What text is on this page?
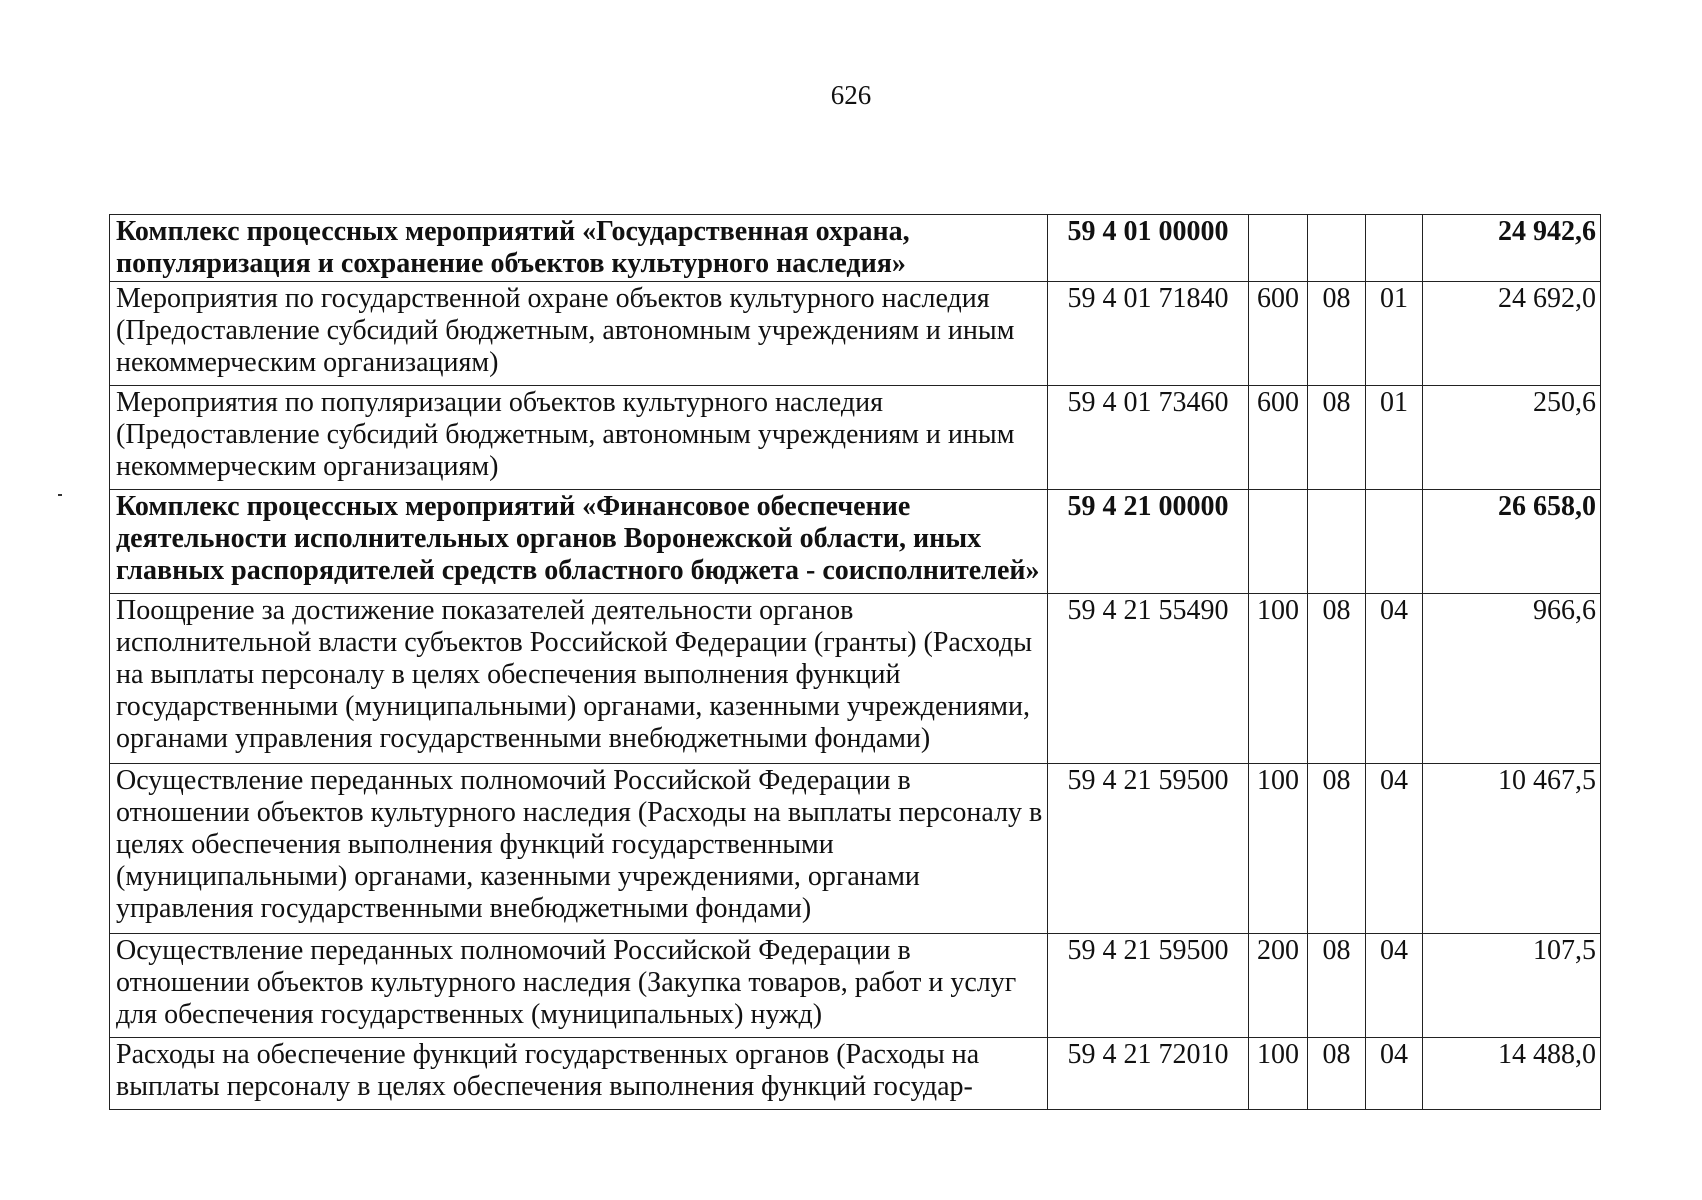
626
Комплекс процессных мероприятий «Государственная охрана, популяризация и сохранение объектов культурного наследия»	59 4 01 00000				24 942,6
Мероприятия по государственной охране объектов культурного наследия (Предоставление субсидий бюджетным, автономным учреждениям и иным некоммерческим организациям)	59 4 01 71840	600	08	01	24 692,0
Мероприятия по популяризации объектов культурного наследия (Предоставление субсидий бюджетным, автономным учреждениям и иным некоммерческим организациям)	59 4 01 73460	600	08	01	250,6
Комплекс процессных мероприятий «Финансовое обеспечение деятельности исполнительных органов Воронежской области, иных главных распорядителей средств областного бюджета - соисполнителей»	59 4 21 00000				26 658,0
Поощрение за достижение показателей деятельности органов исполнительной власти субъектов Российской Федерации (гранты) (Расходы на выплаты персоналу в целях обеспечения выполнения функций государственными (муниципальными) органами, казенными учреждениями, органами управления государственными внебюджетными фондами)	59 4 21 55490	100	08	04	966,6
Осуществление переданных полномочий Российской Федерации в отношении объектов культурного наследия (Расходы на выплаты персоналу в целях обеспечения выполнения функций государственными (муниципальными) органами, казенными учреждениями, органами управления государственными внебюджетными фондами)	59 4 21 59500	100	08	04	10 467,5
Осуществление переданных полномочий Российской Федерации в отношении объектов культурного наследия (Закупка товаров, работ и услуг для обеспечения государственных (муниципальных) нужд)	59 4 21 59500	200	08	04	107,5
Расходы на обеспечение функций государственных органов (Расходы на выплаты персоналу в целях обеспечения выполнения функций государ-	59 4 21 72010	100	08	04	14 488,0
